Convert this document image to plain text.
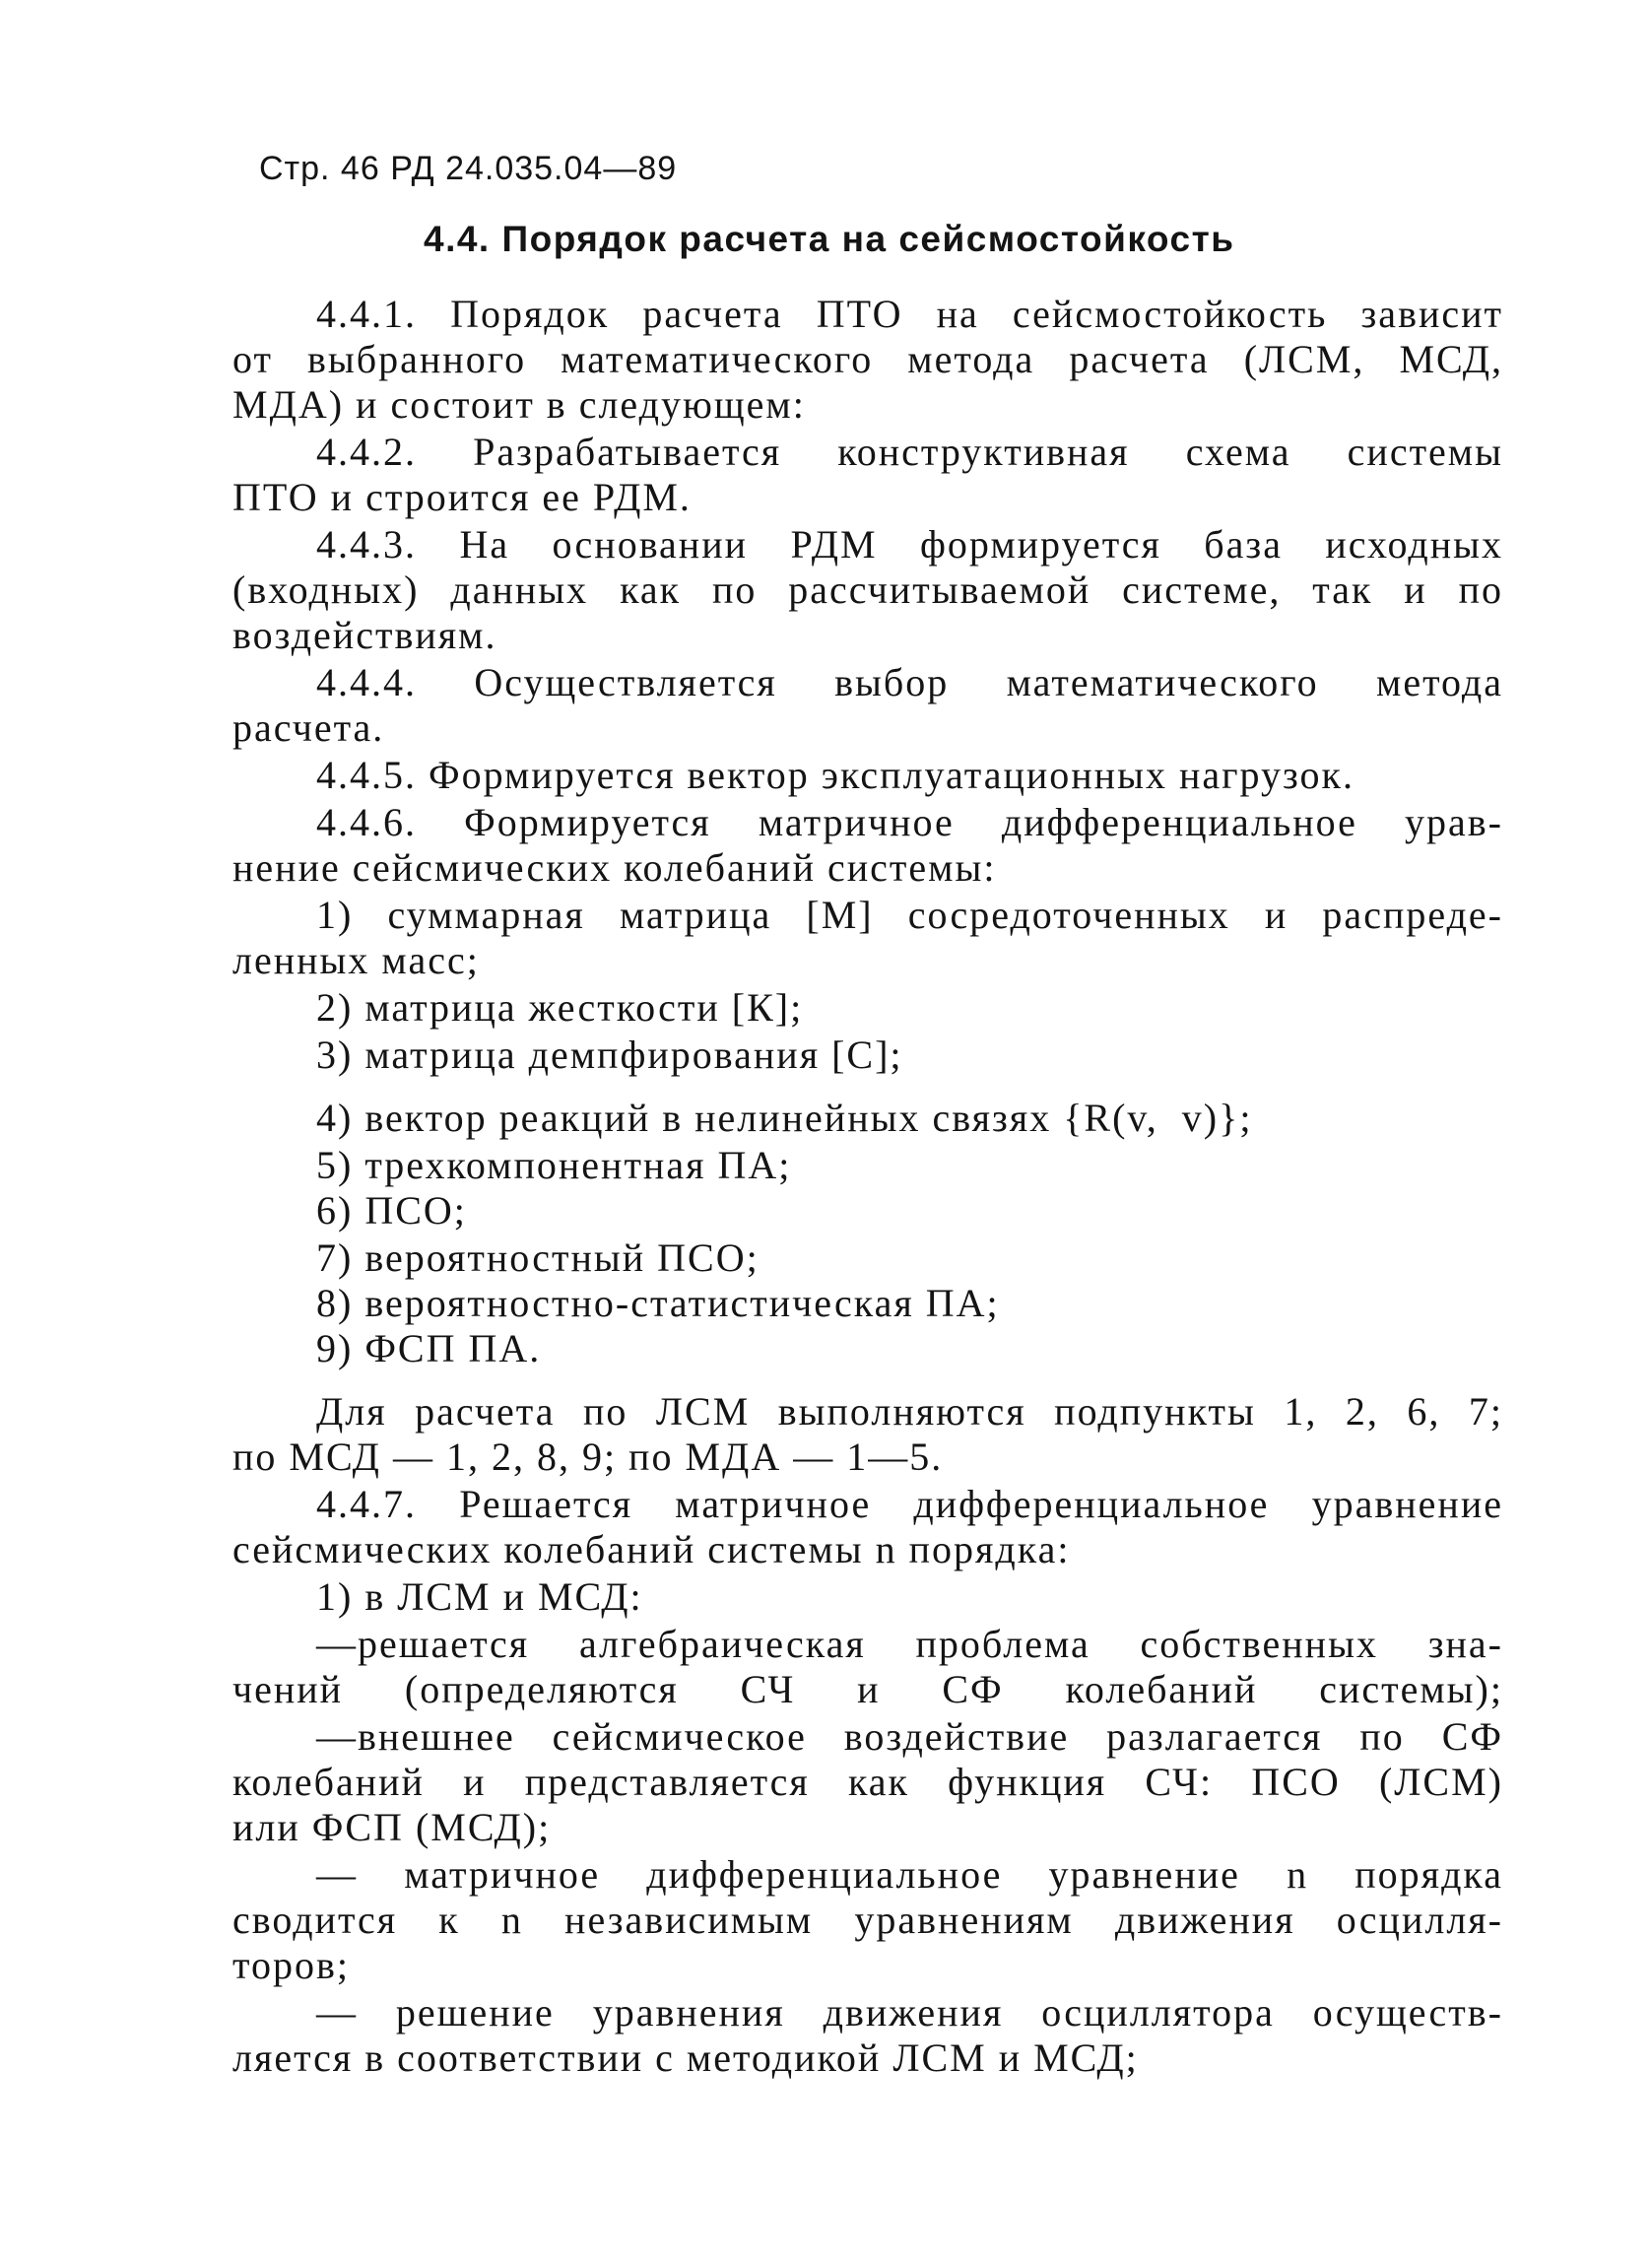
Стр. 46 РД 24.035.04—89
4.4. Порядок расчета на сейсмостойкость
4.4.1. Порядок расчета ПТО на сейсмостойкость зависит
от выбранного математического метода расчета (ЛСМ, МСД,
МДА) и состоит в следующем:
4.4.2. Разрабатывается конструктивная схема системы
ПТО и строится ее РДМ.
4.4.3. На основании РДМ формируется база исходных
(входных) данных как по рассчитываемой системе, так и по
воздействиям.
4.4.4. Осуществляется выбор математического метода
расчета.
4.4.5. Формируется вектор эксплуатационных нагрузок.
4.4.6. Формируется матричное дифференциальное урав-
нение сейсмических колебаний системы:
1) суммарная матрица [М] сосредоточенных и распреде-
ленных масс;
2) матрица жесткости [К];
3) матрица демпфирования [С];
4) вектор реакций в нелинейных связях {R(v,  v)};
5) трехкомпонентная ПА;
6) ПСО;
7) вероятностный ПСО;
8) вероятностно-статистическая ПА;
9) ФСП ПА.
Для расчета по ЛСМ выполняются подпункты 1, 2, 6, 7;
по МСД — 1, 2, 8, 9; по МДА — 1—5.
4.4.7. Решается матричное дифференциальное уравнение
сейсмических колебаний системы n порядка:
1) в ЛСМ и МСД:
—решается алгебраическая проблема собственных зна-
чений (определяются СЧ и СФ колебаний системы);
—внешнее сейсмическое воздействие разлагается по СФ
колебаний и представляется как функция СЧ: ПСО (ЛСМ)
или ФСП (МСД);
— матричное дифференциальное уравнение n порядка
сводится к n независимым уравнениям движения осцилля-
торов;
— решение уравнения движения осциллятора осуществ-
ляется в соответствии с методикой ЛСМ и МСД;
